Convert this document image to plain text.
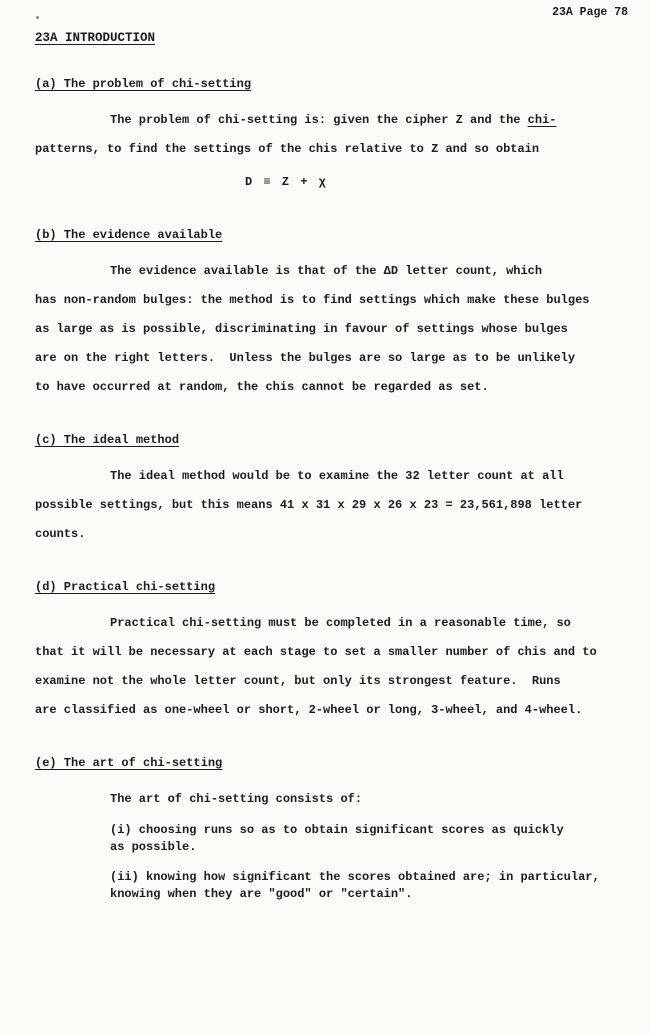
23A Page 78
23A INTRODUCTION
(a) The problem of chi-setting
The problem of chi-setting is: given the cipher Z and the chi-
patterns, to find the settings of the chis relative to Z and so obtain
D ≡ Z + χ
(b) The evidence available
The evidence available is that of the ΔD letter count, which
has non-random bulges: the method is to find settings which make these bulges
as large as is possible, discriminating in favour of settings whose bulges
are on the right letters.  Unless the bulges are so large as to be unlikely
to have occurred at random, the chis cannot be regarded as set.
(c) The ideal method
The ideal method would be to examine the 32 letter count at all
possible settings, but this means 41 x 31 x 29 x 26 x 23 = 23,561,898 letter
counts.
(d) Practical chi-setting
Practical chi-setting must be completed in a reasonable time, so
that it will be necessary at each stage to set a smaller number of chis and to
examine not the whole letter count, but only its strongest feature.  Runs
are classified as one-wheel or short, 2-wheel or long, 3-wheel, and 4-wheel.
(e) The art of chi-setting
The art of chi-setting consists of:
(i) choosing runs so as to obtain significant scores as quickly
as possible.
(ii) knowing how significant the scores obtained are; in particular,
knowing when they are "good" or "certain".
